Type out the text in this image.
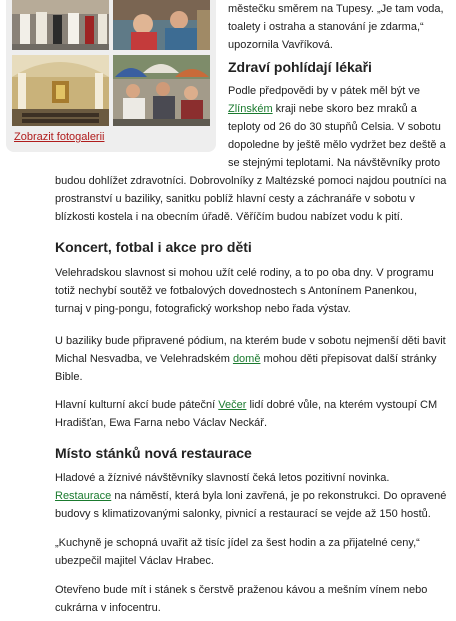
Zobrazit fotogalerii

městečku směrem na Tupesy. „Je tam voda,
toalety i ostraha a stanování je zdarma,“
upozornila Vavříková.

Zdraví pohlídají lékaři

Podle předpovědi by v pátek měl být ve Zlínském kraji nebe skoro bez mraků a teploty od 26 do 30 stupňů Celsia. V sobotu dopoledne by ještě mělo vydržet bez deště a se stejnými teplotami. Na návštěvníky proto

budou dohlížet zdravotníci. Dobrovolníky z Maltézské pomoci najdou poutníci na prostranství u baziliky, sanitku poblíž hlavní cesty a záchranáře v sobotu v blízkosti kostela i na obecním úřadě. Věříčím budou nabízet vodu k pití.

Koncert, fotbal i akce pro děti

Velehradskou slavnost si mohou užít celé rodiny, a to po oba dny. V programu totiž nechybí soutěž ve fotbalových dovednostech s Antonínem Panenkou, turnaj v ping-pongu, fotografický workshop nebo řada výstav.

U baziliky bude připravené pódium, na kterém bude v sobotu nejmenší děti bavit Michal Nesvadba, ve Velehradském domě mohou děti přepisovat další stránky Bible.

Hlavní kulturní akcí bude páteční Večer lidí dobré vůle, na kterém vystoupí CM Hradišťan, Ewa Farna nebo Václav Neckář.

Místo stánků nová restaurace

Hladové a žíznivé návštěvníky slavností čeká letos pozitivní novinka. Restaurace na náměstí, která byla loni zavřená, je po rekonstrukci. Do opravené budovy s klimatizovanými salonky, pivnicí a restaurací se vejde až 150 hostů.

„Kuchyně je schopná uvařit až tisíc jídel za šest hodin a za přijatelné ceny,“ ubezpečil majitel Václav Hrabec.

Otevřeno bude mít i stánek s čerstvě praženou kávou a mešním vínem nebo cukrárna v infocentru.
